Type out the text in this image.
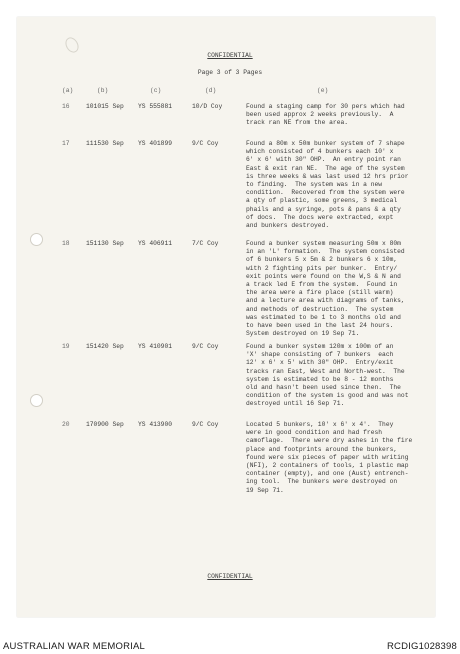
CONFIDENTIAL
Page 3 of 3 Pages
(a)	(b)	(c)	(d)	(e)
16	101015 Sep YS 555881	10/D Coy	Found a staging camp for 30 pers which had
been used approx 2 weeks previously.  A
track ran NE from the area.
17	111530 Sep YS 401899	9/C Coy	Found a 80m x 50m bunker system of 7 shape
which consisted of 4 bunkers each 10' x
6' x 6' with 30" OHP.  An entry point ran
East & exit ran NE.  The age of the system
is three weeks & was last used 12 hrs prior
to finding.  The system was in a new
condition.  Recovered from the system were
a qty of plastic, some greens, 3 medical
phails and a syringe, pots & pans & a qty
of docs.  The docs were extracted, expt
and bunkers destroyed.
18	151130 Sep YS 406911	7/C Coy	Found a bunker system measuring 50m x 80m
in an 'L' formation.  The system consisted
of 6 bunkers 5 x 5m & 2 bunkers 6 x 10m,
with 2 fighting pits per bunker.  Entry/
exit points were found on the W,S & N and
a track led E from the system.  Found in
the area were a fire place (still warm)
and a lecture area with diagrams of tanks,
and methods of destruction.  The system
was estimated to be 1 to 3 months old and
to have been used in the last 24 hours.
System destroyed on 19 Sep 71.
19	151420 Sep YS 410901	9/C Coy	Found a bunker system 120m x 100m of an
'X' shape consisting of 7 bunkers  each
12' x 6' x 5' with 30" OHP.  Entry/exit
tracks ran East, West and North-west.  The
system is estimated to be 8 - 12 months
old and hasn't been used since then.  The
condition of the system is good and was not
destroyed until 16 Sep 71.
20	170900 Sep YS 413900	9/C Coy	Located 5 bunkers, 10' x 6' x 4'.  They
were in good condition and had fresh
camoflage.  There were dry ashes in the fire
place and footprints around the bunkers,
found were six pieces of paper with writing
(NFI), 2 containers of tools, 1 plastic map
container (empty), and one (Aust) entrench-
ing tool.  The bunkers were destroyed on
19 Sep 71.
CONFIDENTIAL
AUSTRALIAN WAR MEMORIAL	RCDIG1028398
